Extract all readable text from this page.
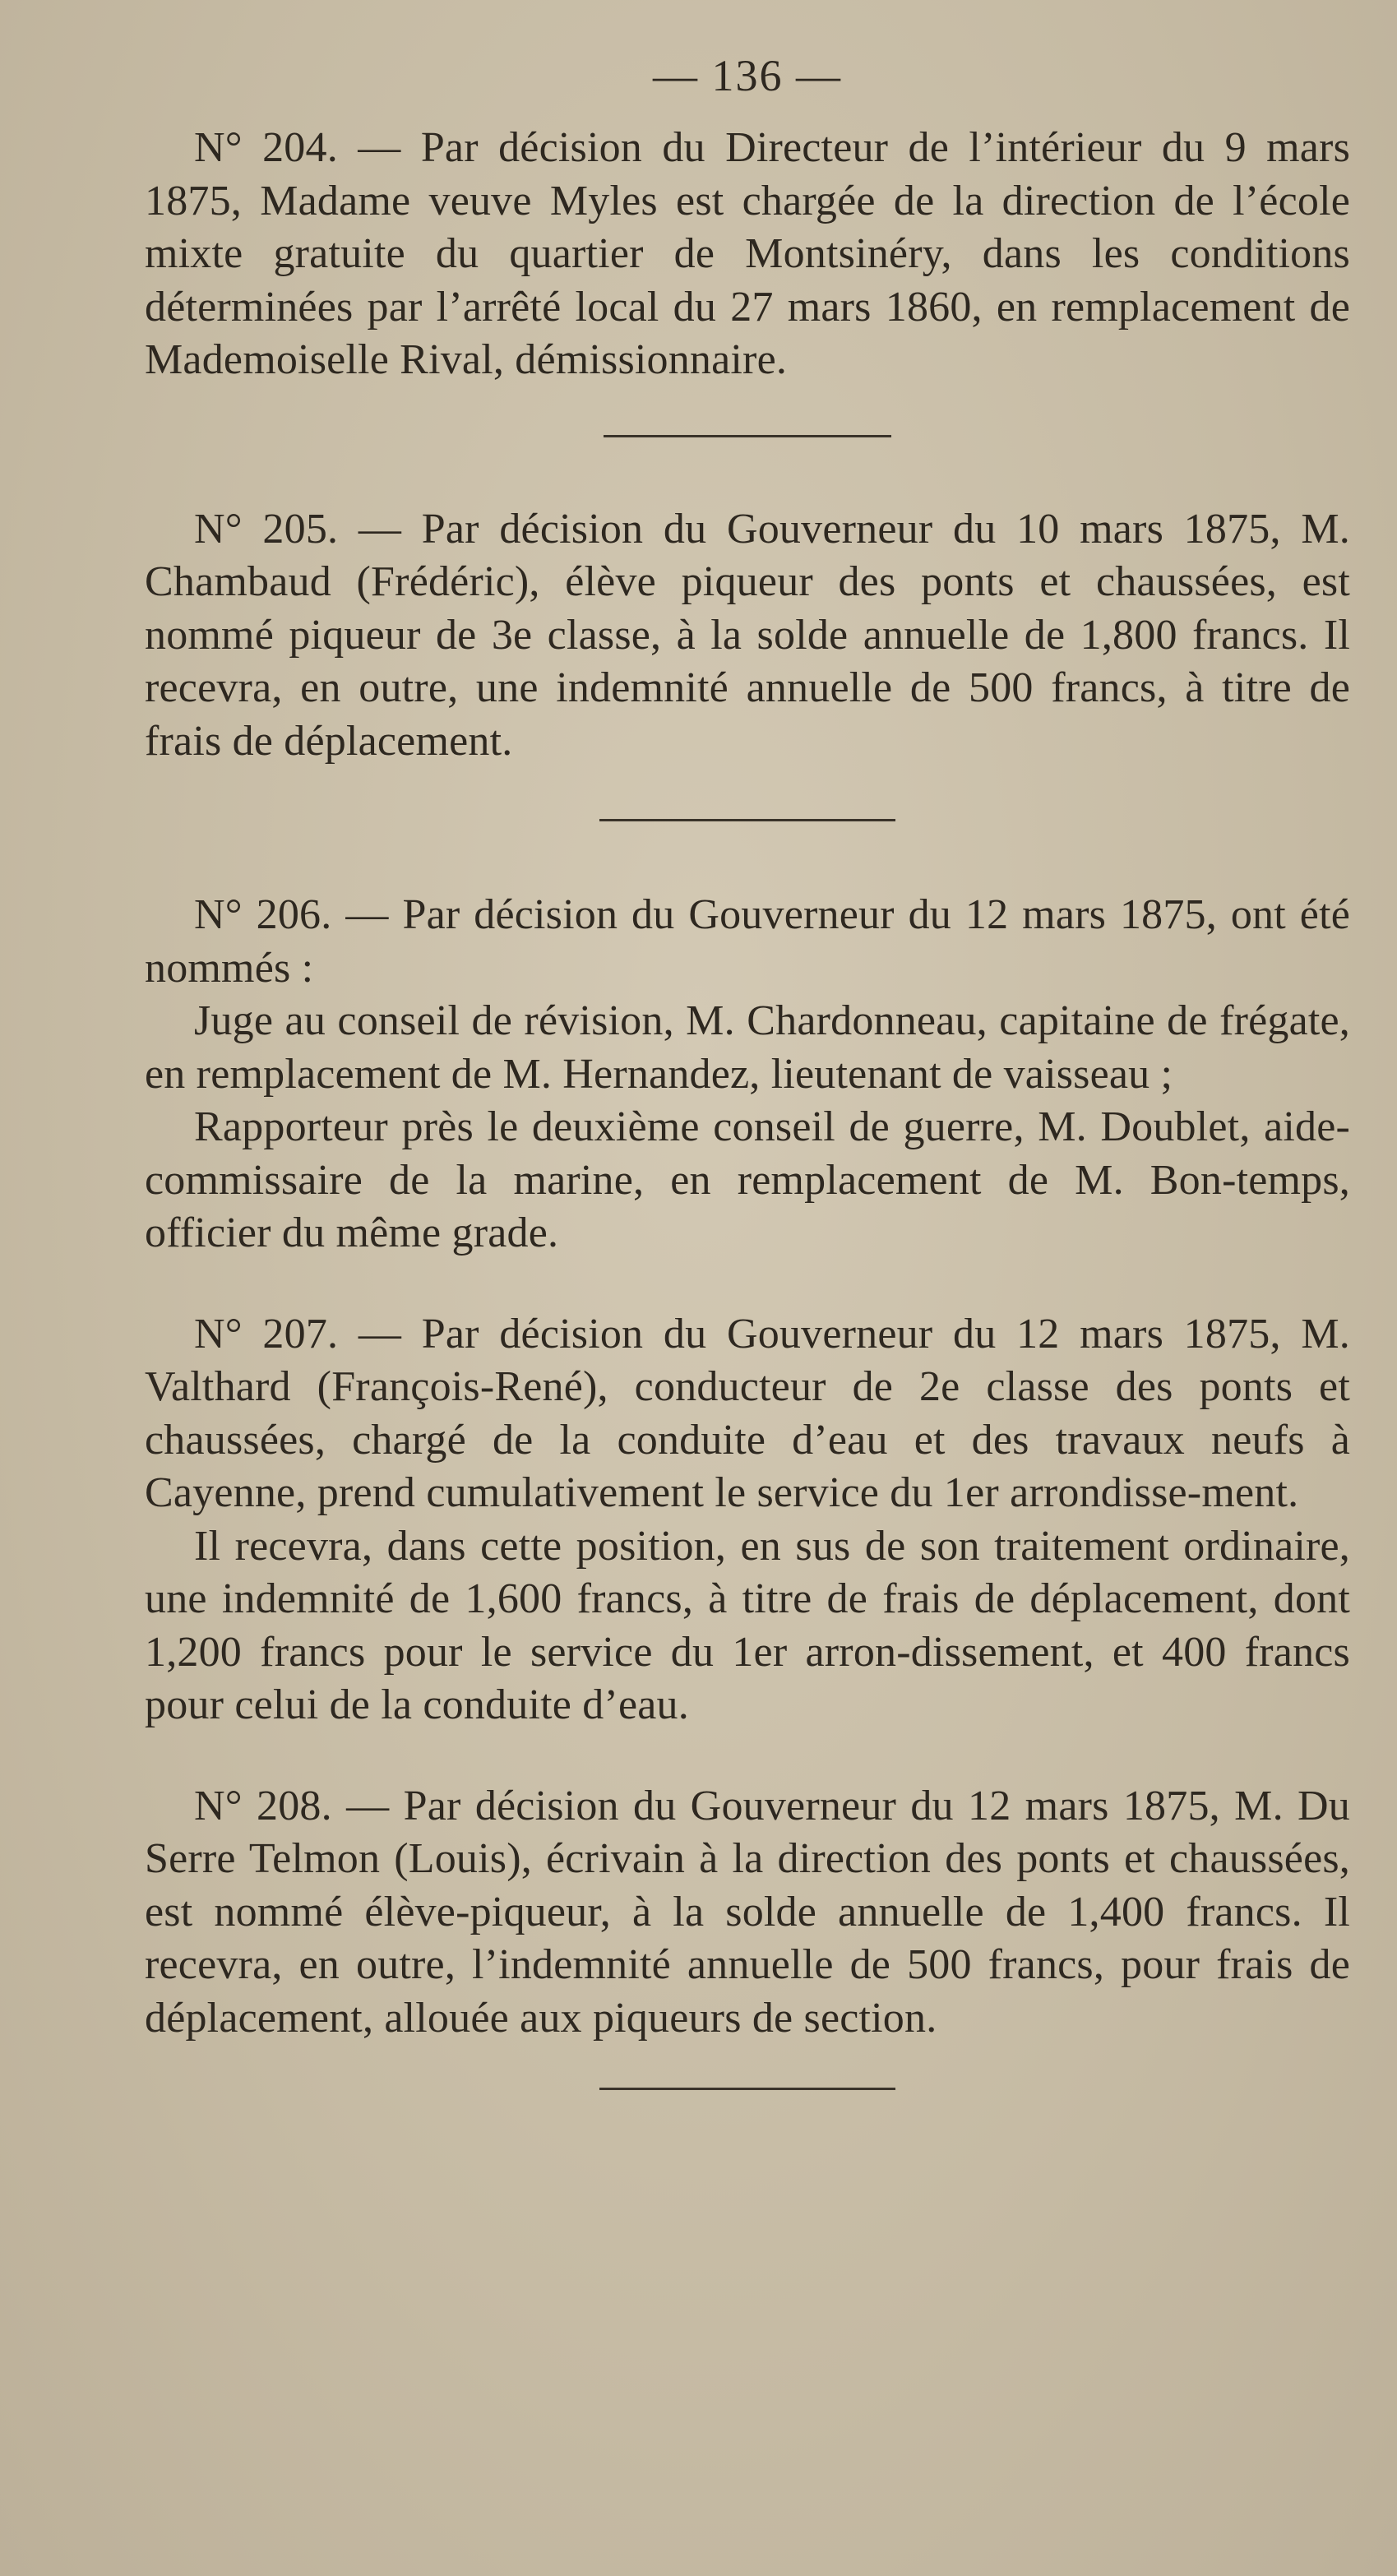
— 136 —

N° 204. — Par décision du Directeur de l’intérieur du 9 mars 1875, Madame veuve Myles est chargée de la direction de l’école mixte gratuite du quartier de Montsinéry, dans les conditions déterminées par l’arrêté local du 27 mars 1860, en remplacement de Mademoiselle Rival, démissionnaire.

N° 205. — Par décision du Gouverneur du 10 mars 1875, M. Chambaud (Frédéric), élève piqueur des ponts et chaussées, est nommé piqueur de 3e classe, à la solde annuelle de 1,800 francs. Il recevra, en outre, une indemnité annuelle de 500 francs, à titre de frais de déplacement.

N° 206. — Par décision du Gouverneur du 12 mars 1875, ont été nommés :

Juge au conseil de révision, M. Chardonneau, capitaine de frégate, en remplacement de M. Hernandez, lieutenant de vaisseau ;

Rapporteur près le deuxième conseil de guerre, M. Doublet, aide-commissaire de la marine, en remplacement de M. Bon-temps, officier du même grade.

N° 207. — Par décision du Gouverneur du 12 mars 1875, M. Valthard (François-René), conducteur de 2e classe des ponts et chaussées, chargé de la conduite d’eau et des travaux neufs à Cayenne, prend cumulativement le service du 1er arrondisse-ment.

Il recevra, dans cette position, en sus de son traitement ordinaire, une indemnité de 1,600 francs, à titre de frais de déplacement, dont 1,200 francs pour le service du 1er arron-dissement, et 400 francs pour celui de la conduite d’eau.

N° 208. — Par décision du Gouverneur du 12 mars 1875, M. Du Serre Telmon (Louis), écrivain à la direction des ponts et chaussées, est nommé élève-piqueur, à la solde annuelle de 1,400 francs. Il recevra, en outre, l’indemnité annuelle de 500 francs, pour frais de déplacement, allouée aux piqueurs de section.
